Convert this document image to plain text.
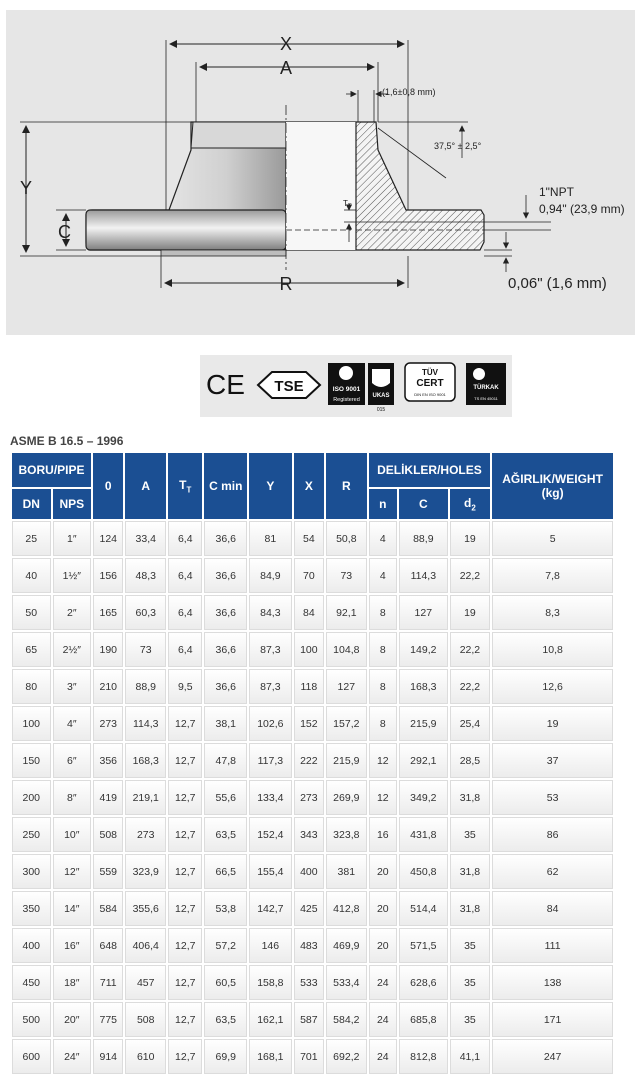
X
A
(1,6±0,8 mm)
37,5° ± 2,5°
Y
C
$T_T$
R
1"NPT
0,94" (23,9 mm)
0,06" (1,6 mm)
CE TSE	ISO 9001
Registered
UKAS
015
TÜV
CERT
DIN EN ISO 9001
TÜRKAK
TS EN 45011
ASME B 16.5 – 1996
BORU/PIPE		0	A	$T_T$	C min	Y	X	R	DELİKLER/HOLES			AĞIRLIK/WEIGHT
(kg)
DN	NPS								n	C	$d_2$
25	1″	124	33,4	6,4	36,6	81	54	50,8	4	88,9	19	5
40	1½″	156	48,3	6,4	36,6	84,9	70	73	4	114,3	22,2	7,8
50	2″	165	60,3	6,4	36,6	84,3	84	92,1	8	127	19	8,3
65	2½″	190	73	6,4	36,6	87,3	100	104,8	8	149,2	22,2	10,8
80	3″	210	88,9	9,5	36,6	87,3	118	127	8	168,3	22,2	12,6
100	4″	273	114,3	12,7	38,1	102,6	152	157,2	8	215,9	25,4	19
150	6″	356	168,3	12,7	47,8	117,3	222	215,9	12	292,1	28,5	37
200	8″	419	219,1	12,7	55,6	133,4	273	269,9	12	349,2	31,8	53
250	10″	508	273	12,7	63,5	152,4	343	323,8	16	431,8	35	86
300	12″	559	323,9	12,7	66,5	155,4	400	381	20	450,8	31,8	62
350	14″	584	355,6	12,7	53,8	142,7	425	412,8	20	514,4	31,8	84
400	16″	648	406,4	12,7	57,2	146	483	469,9	20	571,5	35	111
450	18″	711	457	12,7	60,5	158,8	533	533,4	24	628,6	35	138
500	20″	775	508	12,7	63,5	162,1	587	584,2	24	685,8	35	171
600	24″	914	610	12,7	69,9	168,1	701	692,2	24	812,8	41,1	247
